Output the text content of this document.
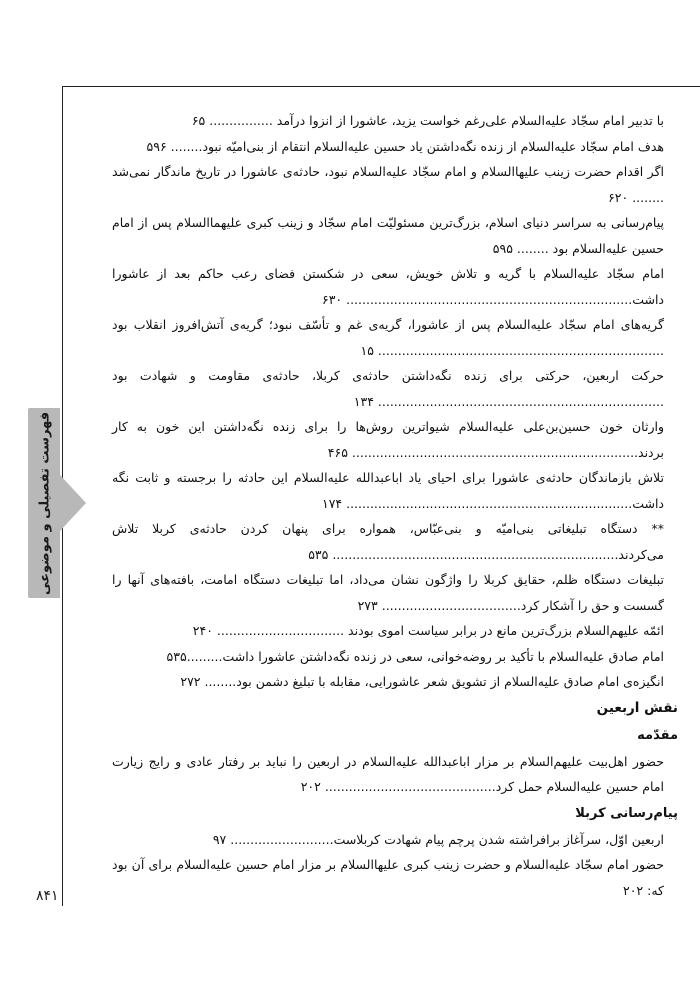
فهرست تفصیلی و موضوعی
۸۴۱

با تدبیر امام سجّاد علیه‌السلام علی‌رغم خواست یزید، عاشورا از انزوا درآمد ................ ۶۵

هدف امام سجّاد علیه‌السلام از زنده نگه‌داشتن یاد حسین علیه‌السلام انتقام از بنی‌امیّه نبود........ ۵۹۶

اگر اقدام حضرت زینب علیهاالسلام و امام سجّاد علیه‌السلام نبود، حادثه‌ی عاشورا در تاریخ ماندگار نمی‌شد ........ ۶۲۰

پیام‌رسانی به سراسر دنیای اسلام، بزرگ‌ترین مسئولیّت امام سجّاد و زینب کبری علیهماالسلام پس از امام حسین علیه‌السلام بود ........ ۵۹۵

امام سجّاد علیه‌السلام با گریه و تلاش خویش، سعی در شکستن فضای رعب حاکم بعد از عاشورا داشت........................................................................ ۶۳۰

گریه‌های امام سجّاد علیه‌السلام پس از عاشورا، گریه‌ی غم و تأسّف نبود؛ گریه‌ی آتش‌افروز انقلاب بود ........................................................................ ۱۵

حرکت اربعین، حرکتی برای زنده نگه‌داشتن حادثه‌ی کربلا، حادثه‌ی مقاومت و شهادت بود ........................................................................ ۱۳۴

وارثان خون حسین‌بن‌علی علیه‌السلام شیواترین روش‌ها را برای زنده نگه‌داشتن این خون به کار بردند........................................................................ ۴۶۵

تلاش بازماندگان حادثه‌ی عاشورا برای احیای یاد اباعبدالله علیه‌السلام این حادثه را برجسته و ثابت نگه داشت........................................................................ ۱۷۴

** دستگاه تبلیغاتی بنی‌امیّه و بنی‌عبّاس، همواره برای پنهان کردن حادثه‌ی کربلا تلاش می‌کردند........................................................................ ۵۳۵

تبلیغات دستگاه ظلم، حقایق کربلا را واژگون نشان می‌داد، اما تبلیغات دستگاه امامت، بافته‌های آنها را گسست و حق را آشکار کرد................................... ۲۷۳

ائمّه علیهم‌السلام بزرگ‌ترین مانع در برابر سیاست اموی بودند ................................ ۲۴۰

امام صادق علیه‌السلام با تأکید بر روضه‌خوانی، سعی در زنده نگه‌داشتن عاشورا داشت.........۵۳۵

انگیزه‌ی امام صادق علیه‌السلام از تشویق شعر عاشورایی، مقابله با تبلیغ دشمن بود........ ۲۷۲

نقش اربعین
مقدّمه

حضور اهل‌بیت علیهم‌السلام بر مزار اباعبدالله علیه‌السلام در اربعین را نباید بر رفتار عادی و رایج زیارت امام حسین علیه‌السلام حمل کرد........................................... ۲۰۲

پیام‌رسانی کربلا

اربعین اوّل، سرآغاز برافراشته شدن پرچم پیام شهادت کربلاست.......................... ۹۷

حضور امام سجّاد علیه‌السلام و حضرت زینب کبری علیهاالسلام بر مزار امام حسین علیه‌السلام برای آن بود که: ۲۰۲
